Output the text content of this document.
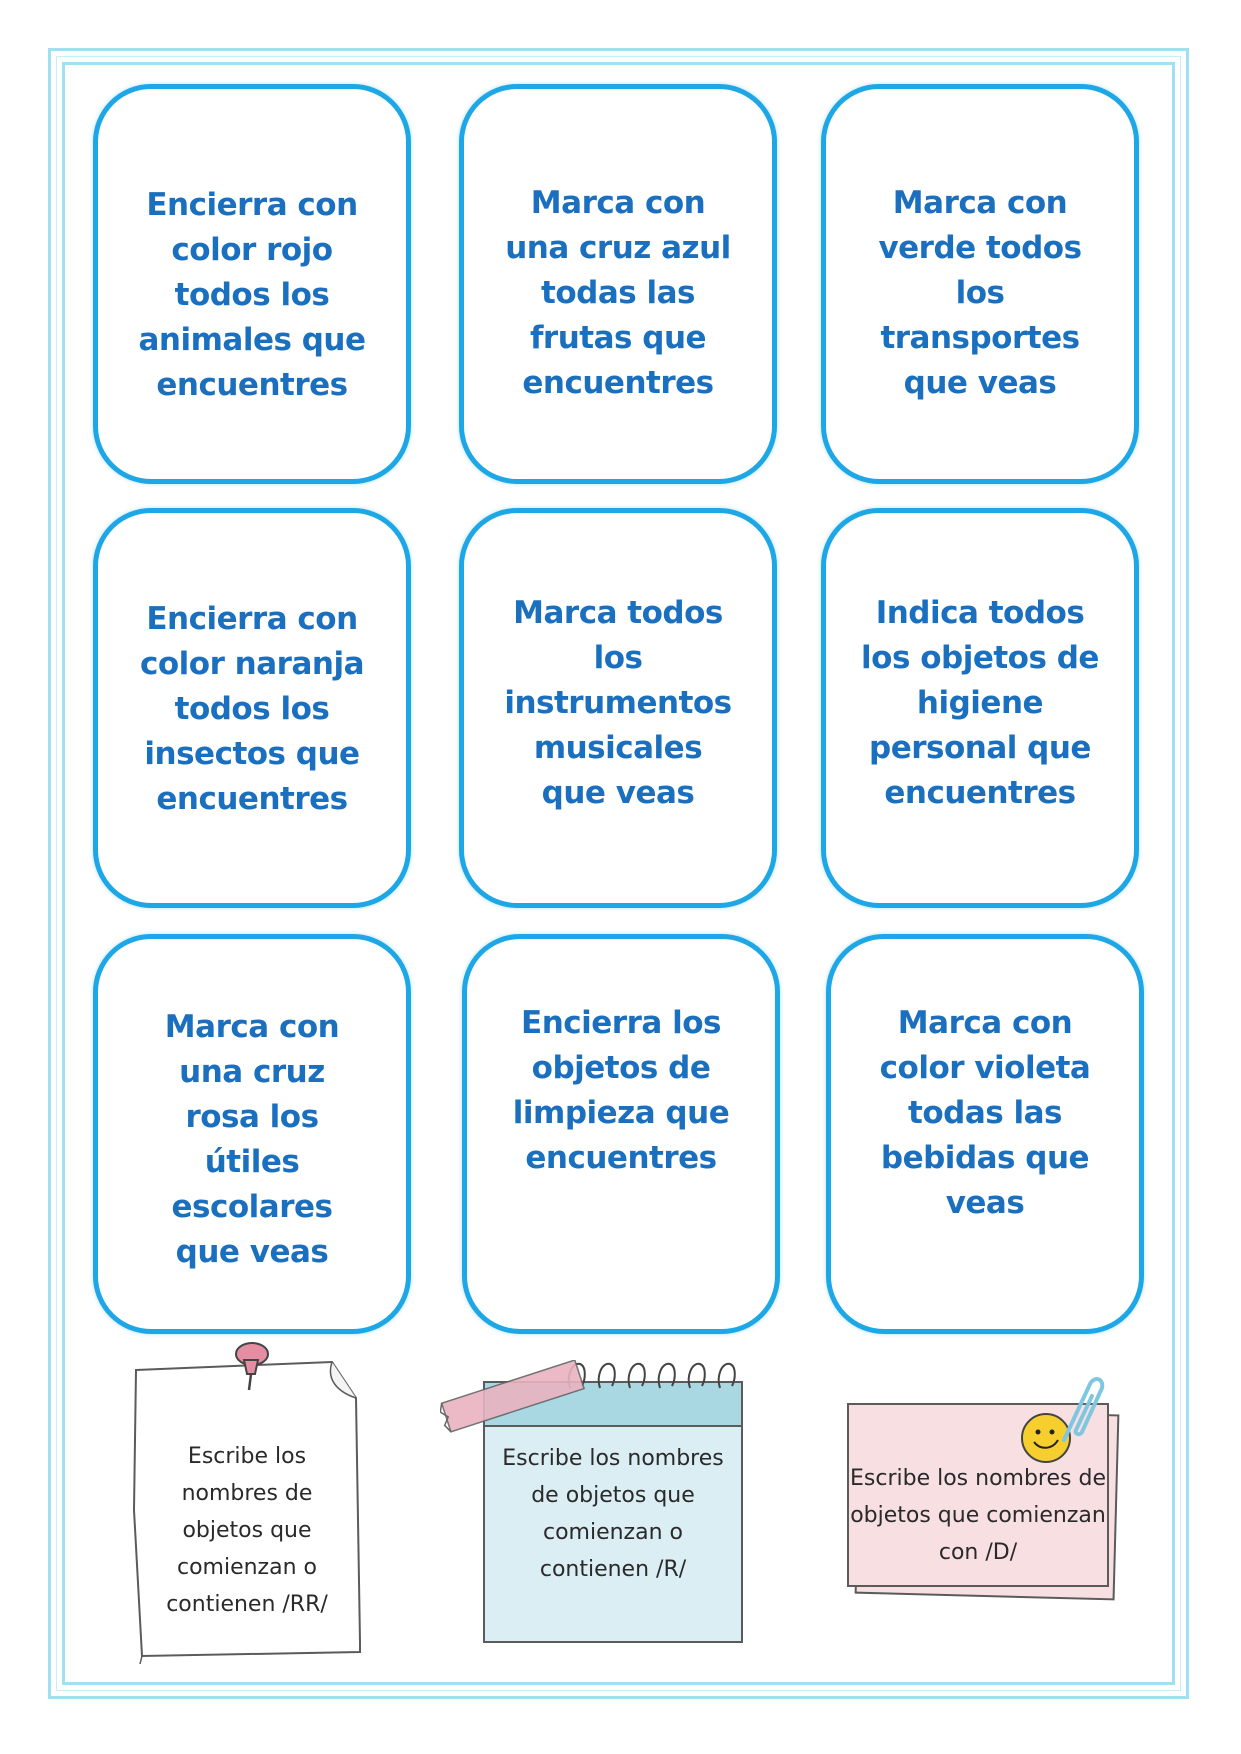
Encierra con color rojo todos los animales que encuentres

Marca con una cruz azul todas las frutas que encuentres

Marca con verde todos los transportes que veas

Encierra con color naranja todos los insectos que encuentres

Marca todos los instrumentos musicales que veas

Indica todos los objetos de higiene personal que encuentres

Marca con una cruz rosa los útiles escolares que veas

Encierra los objetos de limpieza que encuentres

Marca con color violeta todas las bebidas que veas

Escribe los nombres de objetos que comienzan o contienen /RR/

Escribe los nombres de objetos que comienzan o contienen /R/

Escribe los nombres de objetos que comienzan con /D/
